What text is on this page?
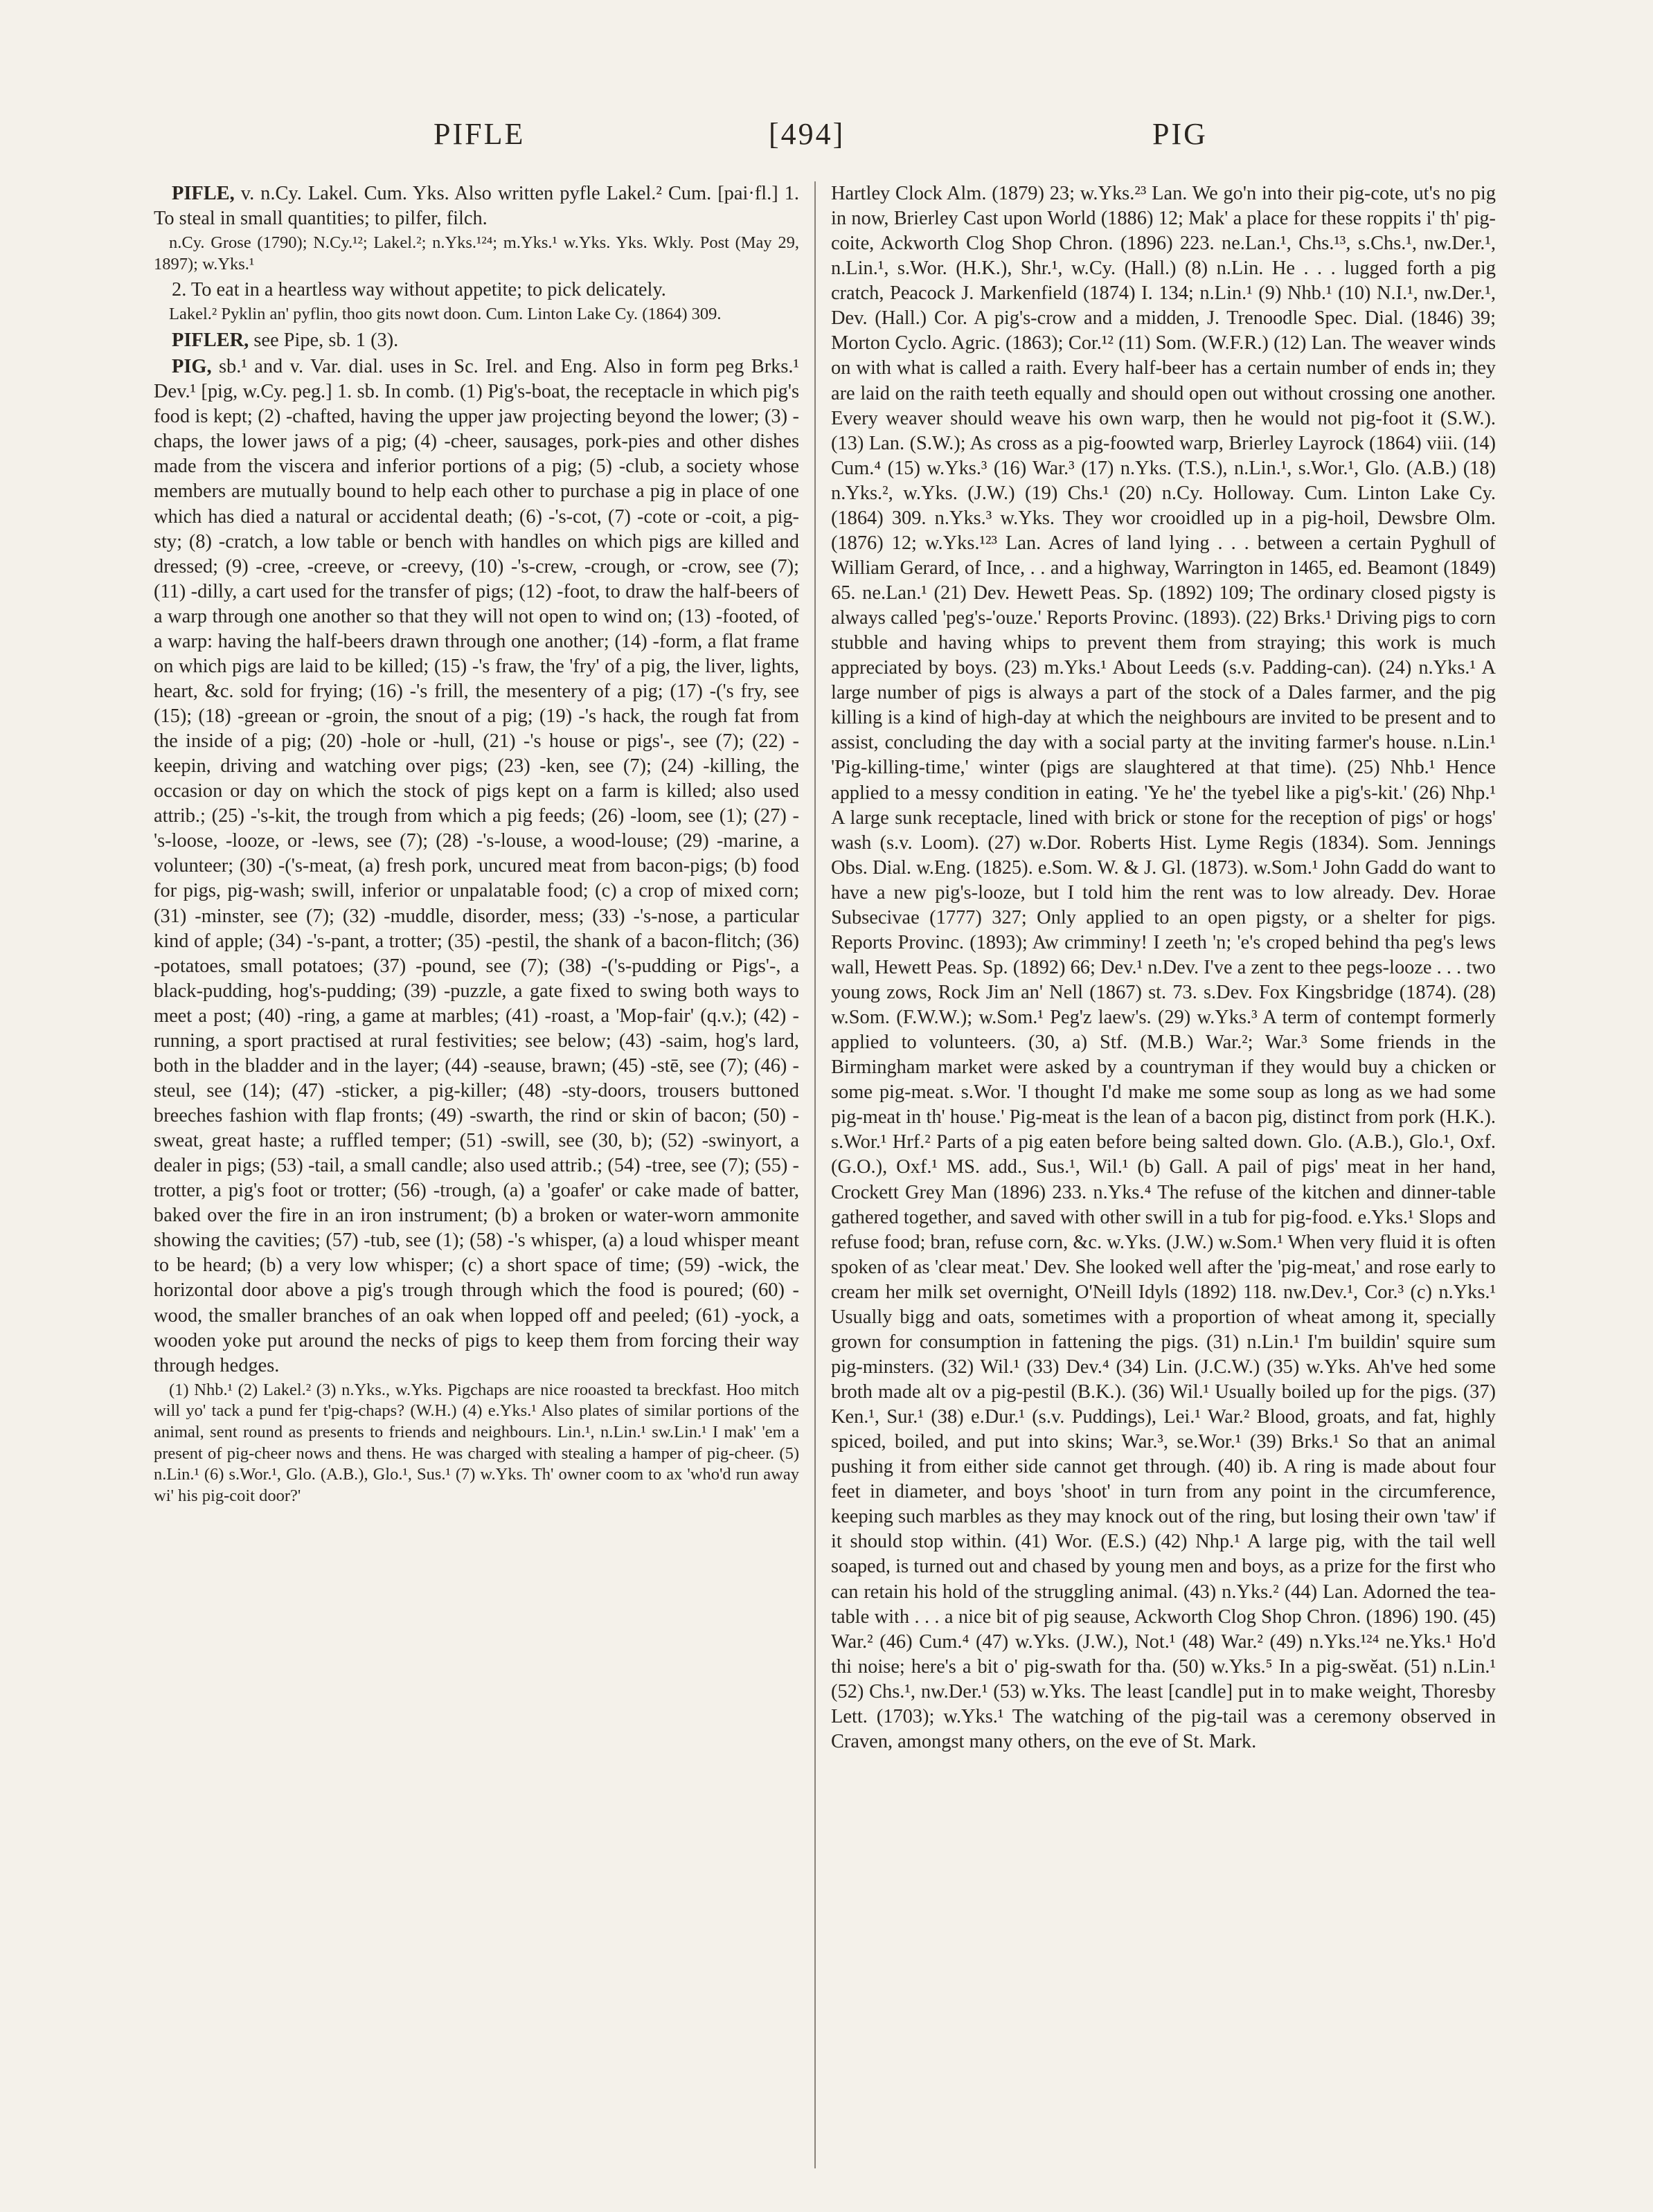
PIFLE	[494]	PIG

PIFLE, v. n.Cy. Lakel. Cum. Yks. Also written pyfle Lakel.² Cum. [pai·fl.] 1. To steal in small quantities; to pilfer, filch.

n.Cy. Grose (1790); N.Cy.¹²; Lakel.²; n.Yks.¹²⁴; m.Yks.¹ w.Yks. Yks. Wkly. Post (May 29, 1897); w.Yks.¹

2. To eat in a heartless way without appetite; to pick delicately.

Lakel.² Pyklin an' pyflin, thoo gits nowt doon. Cum. Linton Lake Cy. (1864) 309.

PIFLER, see Pipe, sb. 1 (3).

PIG, sb.¹ and v. Var. dial. uses in Sc. Irel. and Eng. Also in form peg Brks.¹ Dev.¹ [pig, w.Cy. peg.] 1. sb. In comb. (1) Pig's-boat, the receptacle in which pig's food is kept; (2) -chafted, having the upper jaw projecting beyond the lower; (3) -chaps, the lower jaws of a pig; (4) -cheer, sausages, pork-pies and other dishes made from the viscera and inferior portions of a pig; (5) -club, a society whose members are mutually bound to help each other to purchase a pig in place of one which has died a natural or accidental death; (6) -'s-cot, (7) -cote or -coit, a pig-sty; (8) -cratch, a low table or bench with handles on which pigs are killed and dressed; (9) -cree, -creeve, or -creevy, (10) -'s-crew, -crough, or -crow, see (7); (11) -dilly, a cart used for the transfer of pigs; (12) -foot, to draw the half-beers of a warp through one another so that they will not open to wind on; (13) -footed, of a warp: having the half-beers drawn through one another; (14) -form, a flat frame on which pigs are laid to be killed; (15) -'s fraw, the 'fry' of a pig, the liver, lights, heart, &c. sold for frying; (16) -'s frill, the mesentery of a pig; (17) -('s fry, see (15); (18) -greean or -groin, the snout of a pig; (19) -'s hack, the rough fat from the inside of a pig; (20) -hole or -hull, (21) -'s house or pigs'-, see (7); (22) -keepin, driving and watching over pigs; (23) -ken, see (7); (24) -killing, the occasion or day on which the stock of pigs kept on a farm is killed; also used attrib.; (25) -'s-kit, the trough from which a pig feeds; (26) -loom, see (1); (27) -'s-loose, -looze, or -lews, see (7); (28) -'s-louse, a wood-louse; (29) -marine, a volunteer; (30) -('s-meat, (a) fresh pork, uncured meat from bacon-pigs; (b) food for pigs, pig-wash; swill, inferior or unpalatable food; (c) a crop of mixed corn; (31) -minster, see (7); (32) -muddle, disorder, mess; (33) -'s-nose, a particular kind of apple; (34) -'s-pant, a trotter; (35) -pestil, the shank of a bacon-flitch; (36) -potatoes, small potatoes; (37) -pound, see (7); (38) -('s-pudding or Pigs'-, a black-pudding, hog's-pudding; (39) -puzzle, a gate fixed to swing both ways to meet a post; (40) -ring, a game at marbles; (41) -roast, a 'Mop-fair' (q.v.); (42) -running, a sport practised at rural festivities; see below; (43) -saim, hog's lard, both in the bladder and in the layer; (44) -seause, brawn; (45) -stē, see (7); (46) -steul, see (14); (47) -sticker, a pig-killer; (48) -sty-doors, trousers buttoned breeches fashion with flap fronts; (49) -swarth, the rind or skin of bacon; (50) -sweat, great haste; a ruffled temper; (51) -swill, see (30, b); (52) -swinyort, a dealer in pigs; (53) -tail, a small candle; also used attrib.; (54) -tree, see (7); (55) -trotter, a pig's foot or trotter; (56) -trough, (a) a 'goafer' or cake made of batter, baked over the fire in an iron instrument; (b) a broken or water-worn ammonite showing the cavities; (57) -tub, see (1); (58) -'s whisper, (a) a loud whisper meant to be heard; (b) a very low whisper; (c) a short space of time; (59) -wick, the horizontal door above a pig's trough through which the food is poured; (60) -wood, the smaller branches of an oak when lopped off and peeled; (61) -yock, a wooden yoke put around the necks of pigs to keep them from forcing their way through hedges.

(1) Nhb.¹ (2) Lakel.² (3) n.Yks., w.Yks. Pigchaps are nice rooasted ta breckfast. Hoo mitch will yo' tack a pund fer t'pig-chaps? (W.H.) (4) e.Yks.¹ Also plates of similar portions of the animal, sent round as presents to friends and neighbours. Lin.¹, n.Lin.¹ sw.Lin.¹ I mak' 'em a present of pig-cheer nows and thens. He was charged with stealing a hamper of pig-cheer. (5) n.Lin.¹ (6) s.Wor.¹, Glo. (A.B.), Glo.¹, Sus.¹ (7) w.Yks. Th' owner coom to ax 'who'd run away wi' his pig-coit door?'

Hartley Clock Alm. (1879) 23; w.Yks.²³ Lan. We go'n into their pig-cote, ut's no pig in now, Brierley Cast upon World (1886) 12; Mak' a place for these roppits i' th' pig-coite, Ackworth Clog Shop Chron. (1896) 223. ne.Lan.¹, Chs.¹³, s.Chs.¹, nw.Der.¹, n.Lin.¹, s.Wor. (H.K.), Shr.¹, w.Cy. (Hall.) (8) n.Lin. He . . . lugged forth a pig cratch, Peacock J. Markenfield (1874) I. 134; n.Lin.¹ (9) Nhb.¹ (10) N.I.¹, nw.Der.¹, Dev. (Hall.) Cor. A pig's-crow and a midden, J. Trenoodle Spec. Dial. (1846) 39; Morton Cyclo. Agric. (1863); Cor.¹² (11) Som. (W.F.R.) (12) Lan. The weaver winds on with what is called a raith. Every half-beer has a certain number of ends in; they are laid on the raith teeth equally and should open out without crossing one another. Every weaver should weave his own warp, then he would not pig-foot it (S.W.). (13) Lan. (S.W.); As cross as a pig-foowted warp, Brierley Layrock (1864) viii. (14) Cum.⁴ (15) w.Yks.³ (16) War.³ (17) n.Yks. (T.S.), n.Lin.¹, s.Wor.¹, Glo. (A.B.) (18) n.Yks.², w.Yks. (J.W.) (19) Chs.¹ (20) n.Cy. Holloway. Cum. Linton Lake Cy. (1864) 309. n.Yks.³ w.Yks. They wor crooidled up in a pig-hoil, Dewsbre Olm. (1876) 12; w.Yks.¹²³ Lan. Acres of land lying . . . between a certain Pyghull of William Gerard, of Ince, . . and a highway, Warrington in 1465, ed. Beamont (1849) 65. ne.Lan.¹ (21) Dev. Hewett Peas. Sp. (1892) 109; The ordinary closed pigsty is always called 'peg's-'ouze.' Reports Provinc. (1893). (22) Brks.¹ Driving pigs to corn stubble and having whips to prevent them from straying; this work is much appreciated by boys. (23) m.Yks.¹ About Leeds (s.v. Padding-can). (24) n.Yks.¹ A large number of pigs is always a part of the stock of a Dales farmer, and the pig killing is a kind of high-day at which the neighbours are invited to be present and to assist, concluding the day with a social party at the inviting farmer's house. n.Lin.¹ 'Pig-killing-time,' winter (pigs are slaughtered at that time). (25) Nhb.¹ Hence applied to a messy condition in eating. 'Ye he' the tyebel like a pig's-kit.' (26) Nhp.¹ A large sunk receptacle, lined with brick or stone for the reception of pigs' or hogs' wash (s.v. Loom). (27) w.Dor. Roberts Hist. Lyme Regis (1834). Som. Jennings Obs. Dial. w.Eng. (1825). e.Som. W. & J. Gl. (1873). w.Som.¹ John Gadd do want to have a new pig's-looze, but I told him the rent was to low already. Dev. Horae Subsecivae (1777) 327; Only applied to an open pigsty, or a shelter for pigs. Reports Provinc. (1893); Aw crimminy! I zeeth 'n; 'e's croped behind tha peg's lews wall, Hewett Peas. Sp. (1892) 66; Dev.¹ n.Dev. I've a zent to thee pegs-looze . . . two young zows, Rock Jim an' Nell (1867) st. 73. s.Dev. Fox Kingsbridge (1874). (28) w.Som. (F.W.W.); w.Som.¹ Peg'z laew's. (29) w.Yks.³ A term of contempt formerly applied to volunteers. (30, a) Stf. (M.B.) War.²; War.³ Some friends in the Birmingham market were asked by a countryman if they would buy a chicken or some pig-meat. s.Wor. 'I thought I'd make me some soup as long as we had some pig-meat in th' house.' Pig-meat is the lean of a bacon pig, distinct from pork (H.K.). s.Wor.¹ Hrf.² Parts of a pig eaten before being salted down. Glo. (A.B.), Glo.¹, Oxf. (G.O.), Oxf.¹ MS. add., Sus.¹, Wil.¹ (b) Gall. A pail of pigs' meat in her hand, Crockett Grey Man (1896) 233. n.Yks.⁴ The refuse of the kitchen and dinner-table gathered together, and saved with other swill in a tub for pig-food. e.Yks.¹ Slops and refuse food; bran, refuse corn, &c. w.Yks. (J.W.) w.Som.¹ When very fluid it is often spoken of as 'clear meat.' Dev. She looked well after the 'pig-meat,' and rose early to cream her milk set overnight, O'Neill Idyls (1892) 118. nw.Dev.¹, Cor.³ (c) n.Yks.¹ Usually bigg and oats, sometimes with a proportion of wheat among it, specially grown for consumption in fattening the pigs. (31) n.Lin.¹ I'm buildin' squire sum pig-minsters. (32) Wil.¹ (33) Dev.⁴ (34) Lin. (J.C.W.) (35) w.Yks. Ah've hed some broth made alt ov a pig-pestil (B.K.). (36) Wil.¹ Usually boiled up for the pigs. (37) Ken.¹, Sur.¹ (38) e.Dur.¹ (s.v. Puddings), Lei.¹ War.² Blood, groats, and fat, highly spiced, boiled, and put into skins; War.³, se.Wor.¹ (39) Brks.¹ So that an animal pushing it from either side cannot get through. (40) ib. A ring is made about four feet in diameter, and boys 'shoot' in turn from any point in the circumference, keeping such marbles as they may knock out of the ring, but losing their own 'taw' if it should stop within. (41) Wor. (E.S.) (42) Nhp.¹ A large pig, with the tail well soaped, is turned out and chased by young men and boys, as a prize for the first who can retain his hold of the struggling animal. (43) n.Yks.² (44) Lan. Adorned the tea-table with . . . a nice bit of pig seause, Ackworth Clog Shop Chron. (1896) 190. (45) War.² (46) Cum.⁴ (47) w.Yks. (J.W.), Not.¹ (48) War.² (49) n.Yks.¹²⁴ ne.Yks.¹ Ho'd thi noise; here's a bit o' pig-swath for tha. (50) w.Yks.⁵ In a pig-swĕat. (51) n.Lin.¹ (52) Chs.¹, nw.Der.¹ (53) w.Yks. The least [candle] put in to make weight, Thoresby Lett. (1703); w.Yks.¹ The watching of the pig-tail was a ceremony observed in Craven, amongst many others, on the eve of St. Mark.
